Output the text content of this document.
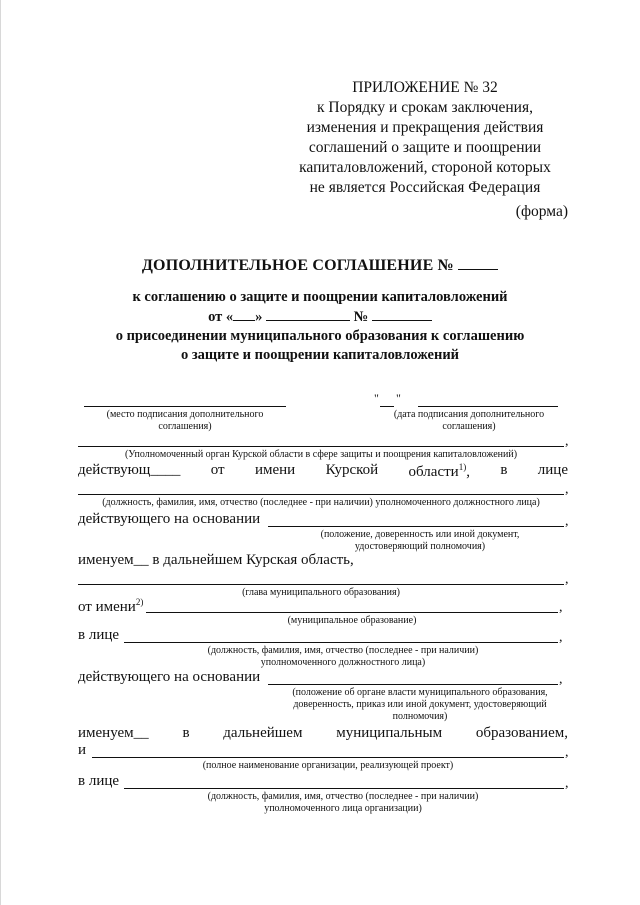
ПРИЛОЖЕНИЕ № 32
к Порядку и срокам заключения,
изменения и прекращения действия
соглашений о защите и поощрении
капиталовложений, стороной которых
не является Российская Федерация
(форма)
ДОПОЛНИТЕЛЬНОЕ СОГЛАШЕНИЕ №
к соглашению о защите и поощрении капиталовложений
от « »	№
о присоединении муниципального образования к соглашению
о защите и поощрении капиталовложений
" "
(место подписания дополнительного соглашения)
(дата подписания дополнительного соглашения)
,
(Уполномоченный орган Курской области в сфере защиты и поощрения капиталовложений)
действующ____ от имени Курской области$^{1)}$, в лице
,
(должность, фамилия, имя, отчество (последнее - при наличии) уполномоченного должностного лица)
действующего на основании	,
(положение, доверенность или иной документ, удостоверяющий полномочия)
именуем__ в дальнейшем Курская область,
,
(глава муниципального образования)
от имени$^{2)}$	,
(муниципальное образование)
в лице	,
(должность, фамилия, имя, отчество (последнее - при наличии) уполномоченного должностного лица)
действующего на основании	,
(положение об органе власти муниципального образования, доверенность, приказ или иной документ, удостоверяющий полномочия)
именуем__ в дальнейшем муниципальным образованием,
и	,
(полное наименование организации, реализующей проект)
в лице	,
(должность, фамилия, имя, отчество (последнее - при наличии) уполномоченного лица организации)
